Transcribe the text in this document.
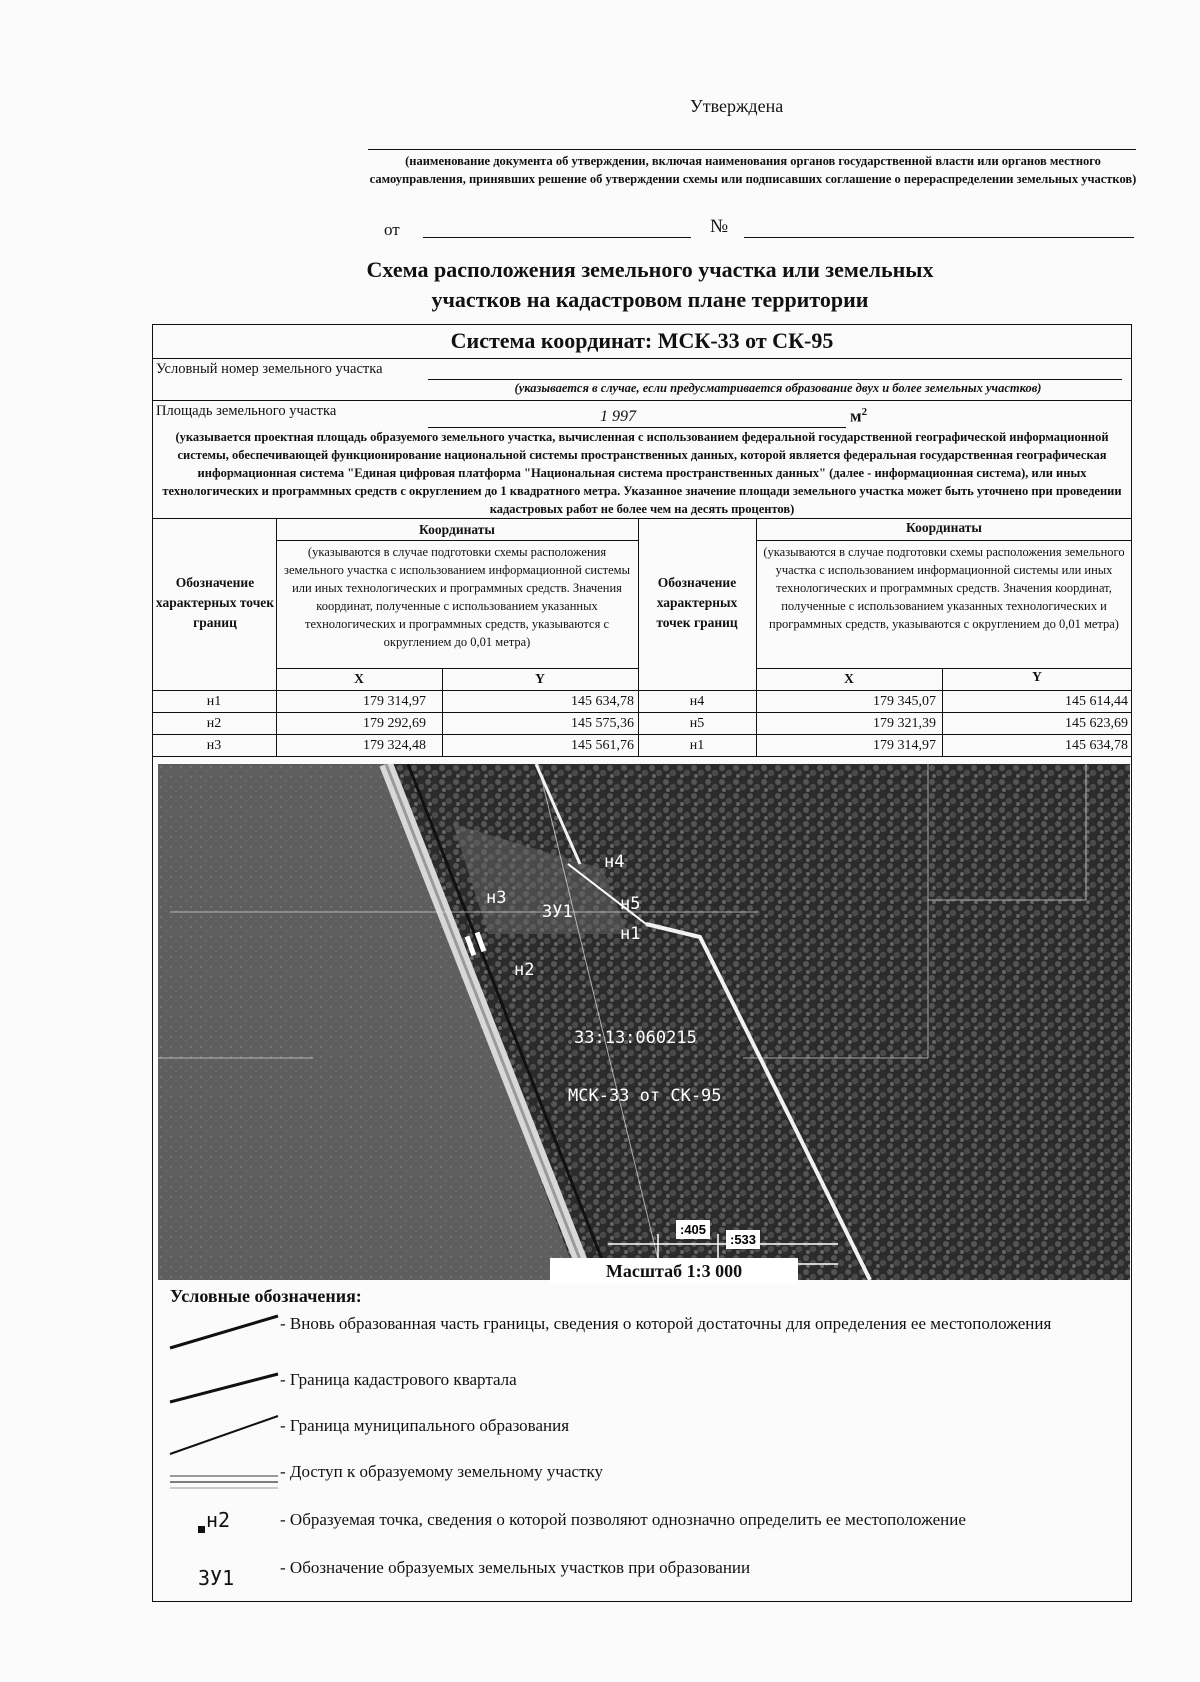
Утверждена
(наименование документа об утверждении, включая наименования органов государственной власти или органов местного самоуправления, принявших решение об утверждении схемы или подписавших соглашение о перераспределении земельных участков)
от	№
Схема расположения земельного участка или земельных
участков на кадастровом плане территории
Система координат: МСК-33 от СК-95
Условный номер земельного участка
(указывается в случае, если предусматривается образование двух и более земельных участков)
Площадь земельного участка	1 997	$м^2$
(указывается проектная площадь образуемого земельного участка, вычисленная с использованием федеральной государственной географической информационной системы, обеспечивающей функционирование национальной системы пространственных данных, которой является федеральная государственная географическая информационная система "Единая цифровая платформа "Национальная система пространственных данных" (далее - информационная система), или иных технологических и программных средств с округлением до 1 квадратного метра. Указанное значение площади земельного участка может быть уточнено при проведении кадастровых работ не более чем на десять процентов)
Обозначение характерных точек границ
Обозначение характерных точек границ
Координаты	Координаты
(указываются в случае подготовки схемы расположения земельного участка с использованием информационной системы или иных технологических и программных средств. Значения координат, полученные с использованием указанных технологических и программных средств, указываются с округлением до 0,01 метра)
(указываются в случае подготовки схемы расположения земельного участка с использованием информационной системы или иных технологических и программных средств. Значения координат, полученные с использованием указанных технологических и программных средств, указываются с округлением до 0,01 метра)
X	Y	X	Y
н1	179 314,97	145 634,78	н4	179 345,07	145 614,44
н2	179 292,69	145 575,36	н5	179 321,39	145 623,69
н3	179 324,48	145 561,76	н1	179 314,97	145 634,78
н4
н5
н1
н3
н2
ЗУ1
33:13:060215
МСК-33 от СК-95
:405
:533
Масштаб 1:3 000
Условные обозначения:
- Вновь образованная часть границы, сведения о которой достаточны для определения ее местоположения
- Граница кадастрового квартала
- Граница муниципального образования
- Доступ к образуемому земельному участку
н2	- Образуемая точка, сведения о которой позволяют однозначно определить ее местоположение
ЗУ1	- Обозначение образуемых земельных участков при образовании
